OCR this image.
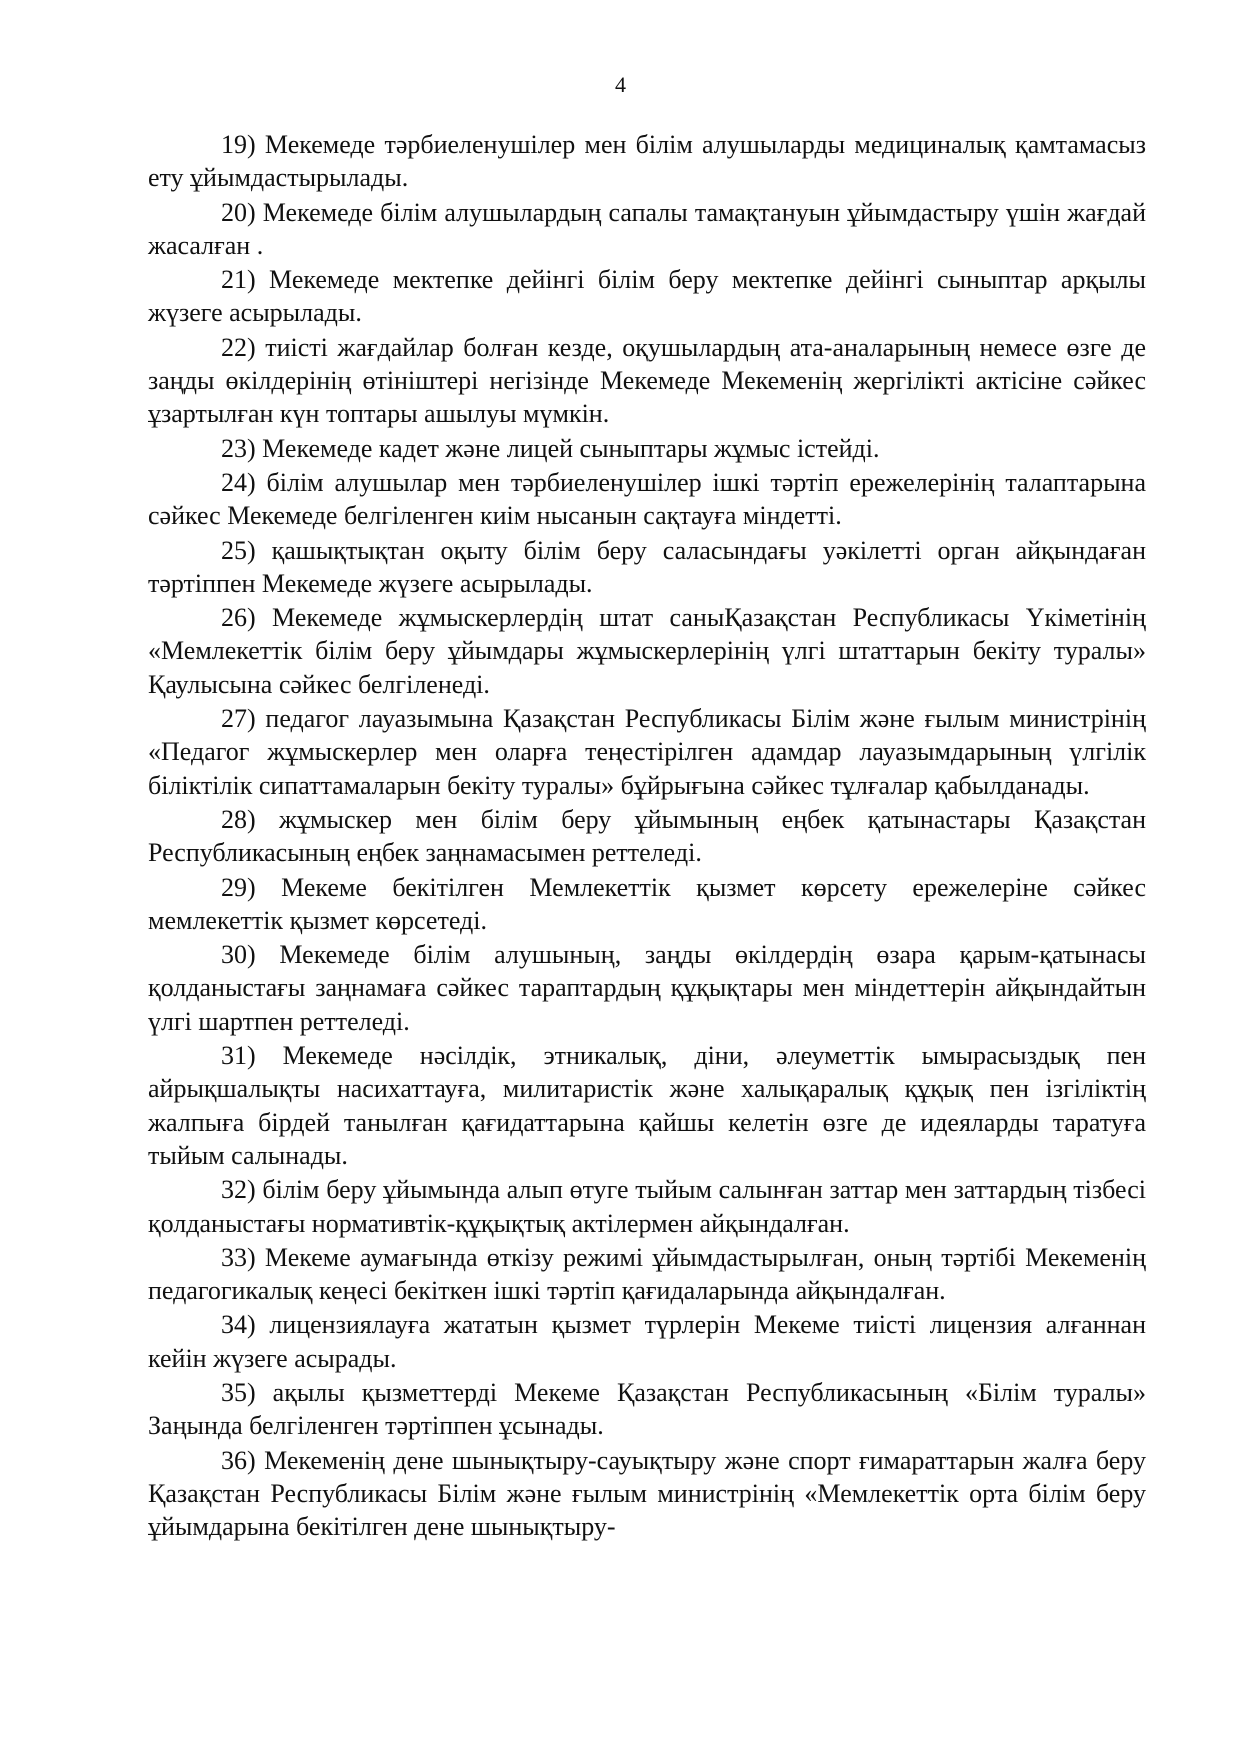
4

19) Мекемеде тәрбиеленушілер мен білім алушыларды медициналық қамтамасыз ету ұйымдастырылады.

20) Мекемеде білім алушылардың сапалы тамақтануын ұйымдастыру үшін жағдай жасалған .

21) Мекемеде мектепке дейінгі білім беру мектепке дейінгі сыныптар арқылы жүзеге асырылады.

22) тиісті жағдайлар болған кезде, оқушылардың ата-аналарының немесе өзге де заңды өкілдерінің өтініштері негізінде Мекемеде Мекеменің жергілікті актісіне сәйкес ұзартылған күн топтары ашылуы мүмкін.

23) Мекемеде кадет және лицей сыныптары жұмыс істейді.

24) білім алушылар мен тәрбиеленушілер ішкі тәртіп ережелерінің талаптарына сәйкес Мекемеде белгіленген киім нысанын сақтауға міндетті.

25) қашықтықтан оқыту білім беру саласындағы уәкілетті орган айқындаған тәртіппен Мекемеде жүзеге асырылады.

26) Мекемеде жұмыскерлердің штат саныҚазақстан Республикасы Үкіметінің «Мемлекеттік білім беру ұйымдары жұмыскерлерінің үлгі штаттарын бекіту туралы» Қаулысына сәйкес белгіленеді.

27) педагог лауазымына Қазақстан Республикасы Білім және ғылым министрінің «Педагог жұмыскерлер мен оларға теңестірілген адамдар лауазымдарының үлгілік біліктілік сипаттамаларын бекіту туралы» бұйрығына сәйкес тұлғалар қабылданады.

28) жұмыскер мен білім беру ұйымының еңбек қатынастары Қазақстан Республикасының еңбек заңнамасымен реттеледі.

29) Мекеме бекітілген Мемлекеттік қызмет көрсету ережелеріне сәйкес мемлекеттік қызмет көрсетеді.

30) Мекемеде білім алушының, заңды өкілдердің өзара қарым-қатынасы қолданыстағы заңнамаға сәйкес тараптардың құқықтары мен міндеттерін айқындайтын үлгі шартпен реттеледі.

31) Мекемеде нәсілдік, этникалық, діни, әлеуметтік ымырасыздық пен айрықшалықты насихаттауға, милитаристік және халықаралық құқық пен ізгіліктің жалпыға бірдей танылған қағидаттарына қайшы келетін өзге де идеяларды таратуға тыйым салынады.

32) білім беру ұйымында алып өтуге тыйым салынған заттар мен заттардың тізбесі қолданыстағы нормативтік-құқықтық актілермен айқындалған.

33) Мекеме аумағында өткізу режимі ұйымдастырылған, оның тәртібі Мекеменің педагогикалық кеңесі бекіткен ішкі тәртіп қағидаларында айқындалған.

34) лицензиялауға жататын қызмет түрлерін Мекеме тиісті лицензия алғаннан кейін жүзеге асырады.

35) ақылы қызметтерді Мекеме Қазақстан Республикасының «Білім туралы» Заңында белгіленген тәртіппен ұсынады.

36) Мекеменің дене шынықтыру-сауықтыру және спорт ғимараттарын жалға беру Қазақстан Республикасы Білім және ғылым министрінің «Мемлекеттік орта білім беру ұйымдарына бекітілген дене шынықтыру-
